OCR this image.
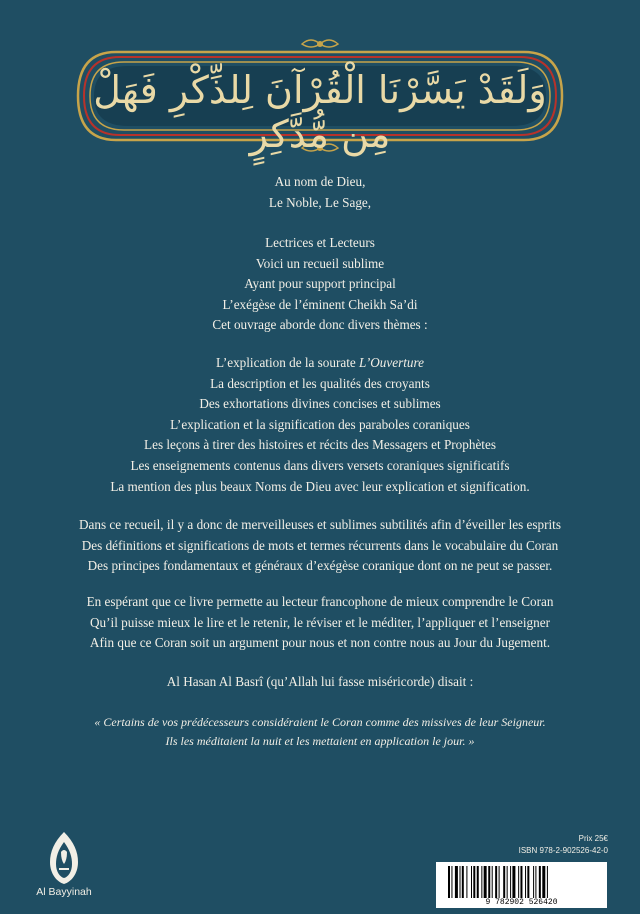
وَلَقَدْ يَسَّرْنَا الْقُرْآنَ لِلذِّكْرِ فَهَلْ مِن مُّدَّكِرٍ

Au nom de Dieu,

Le Noble, Le Sage,

Lectrices et Lecteurs

Voici un recueil sublime

Ayant pour support principal

L’exégèse de l’éminent Cheikh Sa’di

Cet ouvrage aborde donc divers thèmes :

L’explication de la sourate L’Ouverture

La description et les qualités des croyants

Des exhortations divines concises et sublimes

L’explication et la signification des paraboles coraniques

Les leçons à tirer des histoires et récits des Messagers et Prophètes

Les enseignements contenus dans divers versets coraniques significatifs

La mention des plus beaux Noms de Dieu avec leur explication et signification.

Dans ce recueil, il y a donc de merveilleuses et sublimes subtilités afin d’éveiller les esprits

Des définitions et significations de mots et termes récurrents dans le vocabulaire du Coran

Des principes fondamentaux et généraux d’exégèse coranique dont on ne peut se passer.

En espérant que ce livre permette au lecteur francophone de mieux comprendre le Coran

Qu’il puisse mieux le lire et le retenir, le réviser et le méditer, l’appliquer et l’enseigner

Afin que ce Coran soit un argument pour nous et non contre nous au Jour du Jugement.

Al Hasan Al Basrî (qu’Allah lui fasse miséricorde) disait :

« Certains de vos prédécesseurs considéraient le Coran comme des missives de leur Seigneur.

Ils les méditaient la nuit et les mettaient en application le jour. »

Al Bayyinah
Prix 25€
ISBN 978-2-902526-42-0
9 782902 526420
